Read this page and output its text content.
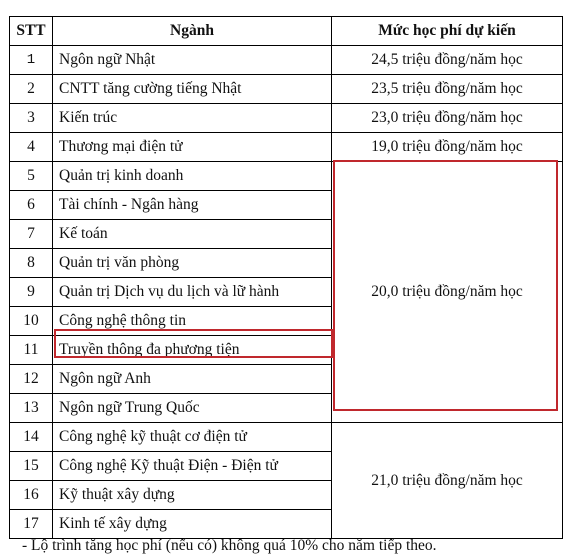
STT	Ngành	Mức học phí dự kiến
1	Ngôn ngữ Nhật	24,5 triệu đồng/năm học
2	CNTT tăng cường tiếng Nhật	23,5 triệu đồng/năm học
3	Kiến trúc	23,0 triệu đồng/năm học
4	Thương mại điện tử	19,0 triệu đồng/năm học
5	Quản trị kinh doanh	20,0 triệu đồng/năm học
6	Tài chính - Ngân hàng	
7	Kế toán	
8	Quản trị văn phòng	
9	Quản trị Dịch vụ du lịch và lữ hành	
10	Công nghệ thông tin	
11	Truyền thông đa phương tiện	
12	Ngôn ngữ Anh	
13	Ngôn ngữ Trung Quốc	
14	Công nghệ kỹ thuật cơ điện tử	21,0 triệu đồng/năm học
15	Công nghệ Kỹ thuật Điện - Điện tử	
16	Kỹ thuật xây dựng	
17	Kinh tế xây dựng	
- Lộ trình tăng học phí (nếu có) không quá 10% cho năm tiếp theo.
